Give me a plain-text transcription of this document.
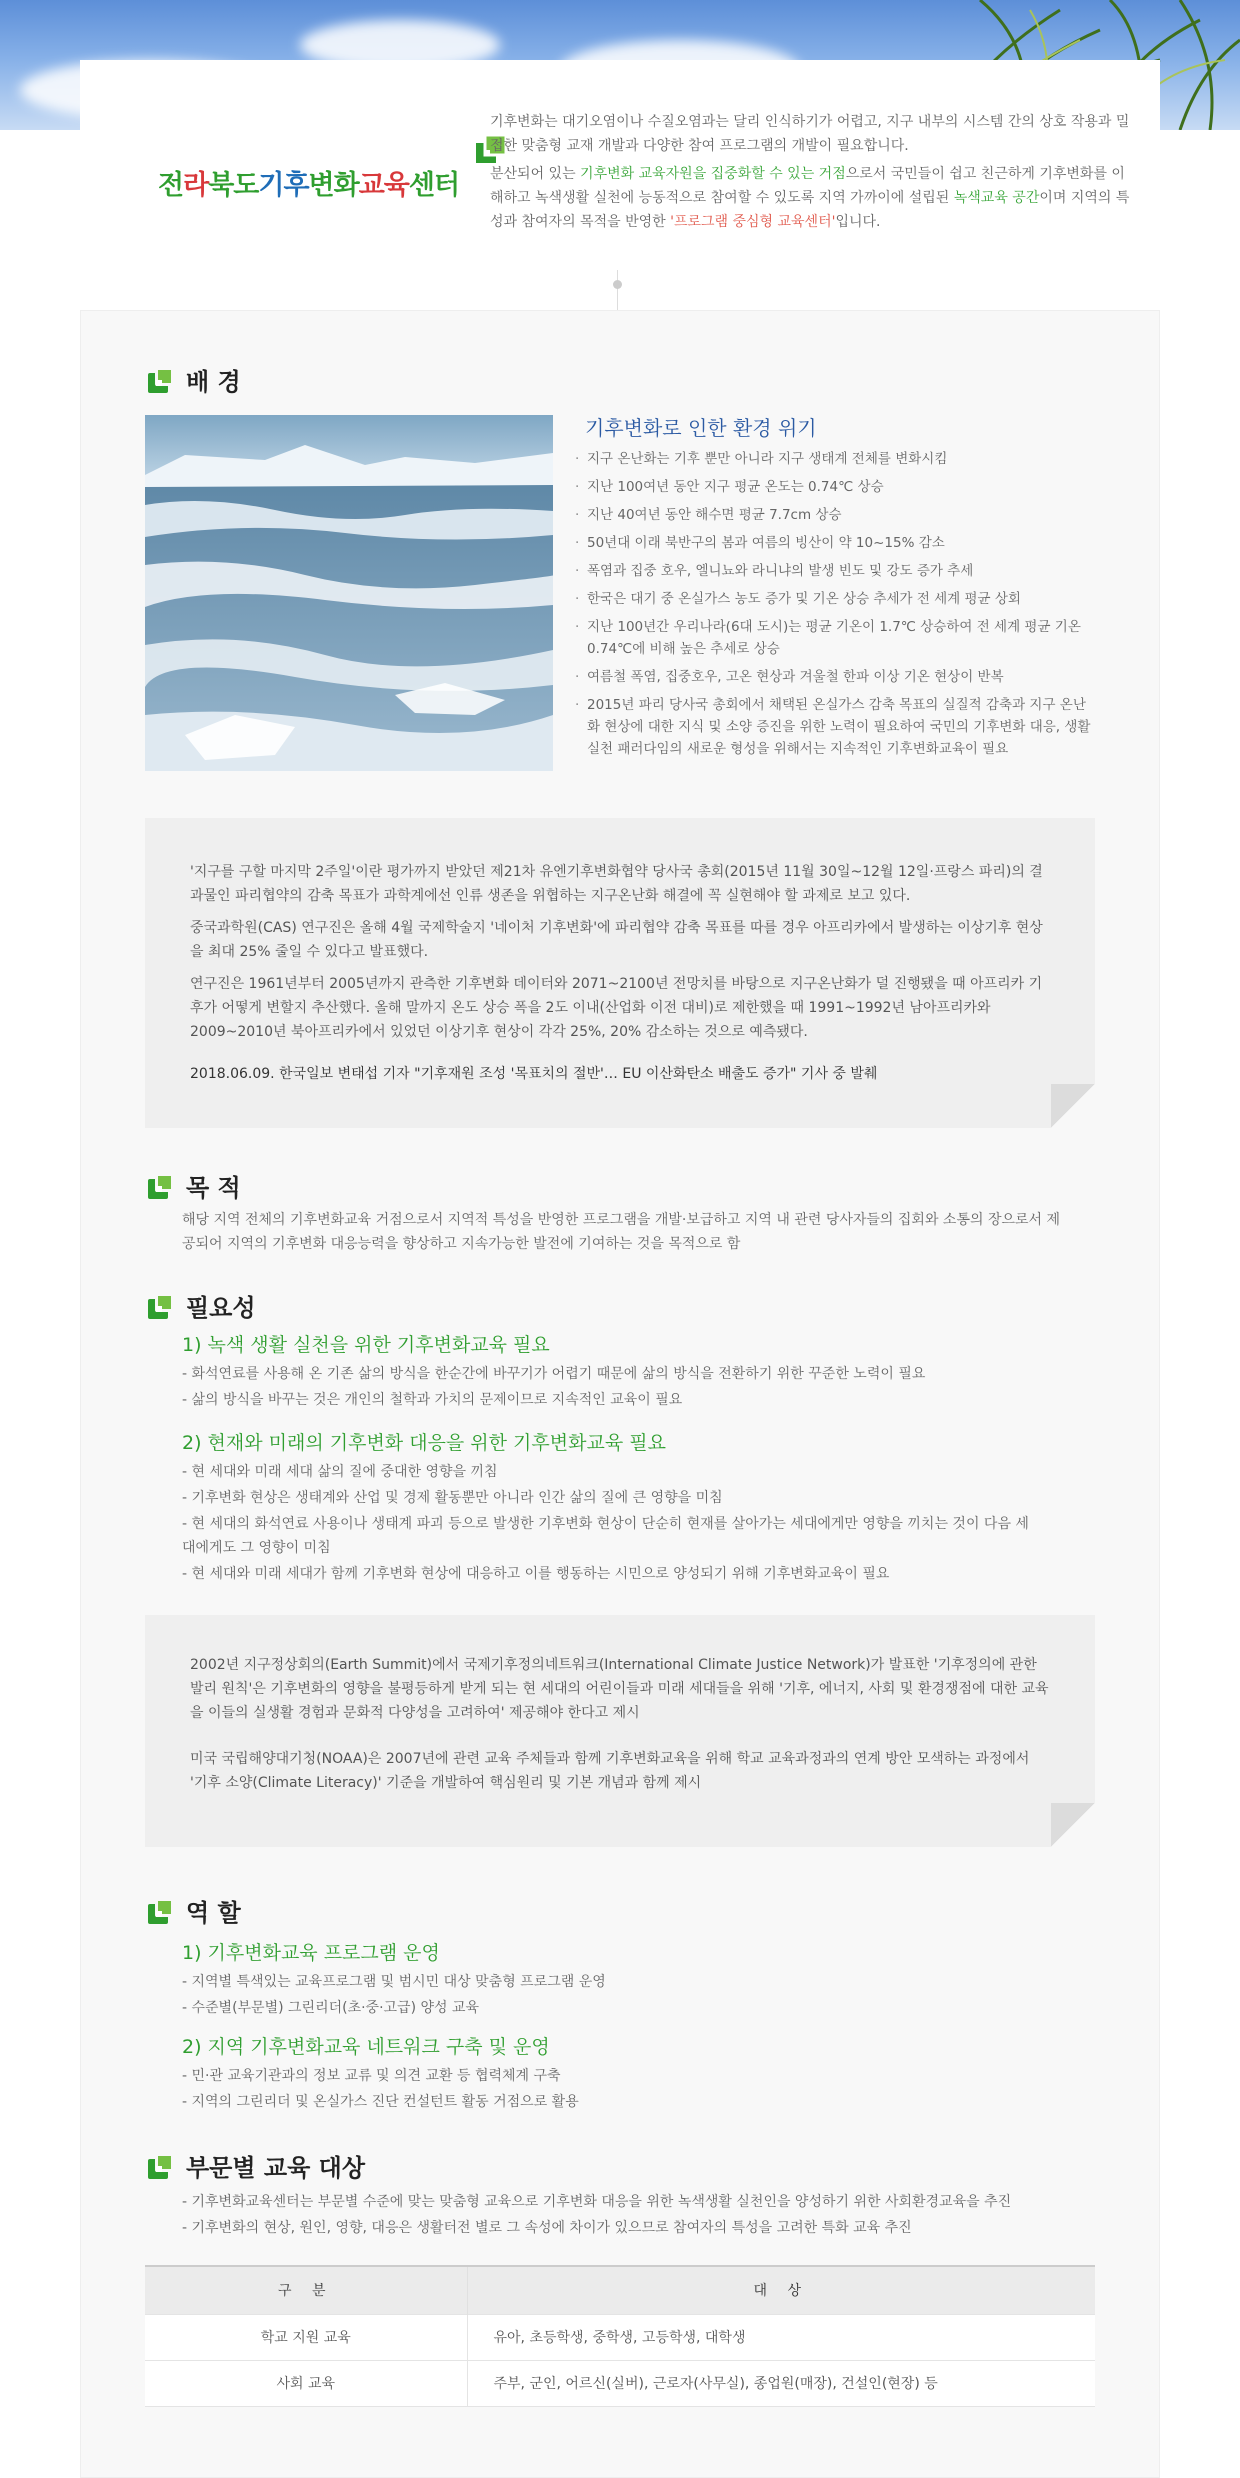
전라북도기후변화교육센터

기후변화는 대기오염이나 수질오염과는 달리 인식하기가 어렵고, 지구 내부의 시스템 간의 상호 작용과 밀접한 맞춤형 교재 개발과 다양한 참여 프로그램의 개발이 필요합니다.

분산되어 있는 기후변화 교육자원을 집중화할 수 있는 거점으로서 국민들이 쉽고 친근하게 기후변화를 이해하고 녹색생활 실천에 능동적으로 참여할 수 있도록 지역 가까이에 설립된 녹색교육 공간이며 지역의 특성과 참여자의 목적을 반영한 '프로그램 중심형 교육센터'입니다.

배 경
기후변화로 인한 환경 위기
· 지구 온난화는 기후 뿐만 아니라 지구 생태계 전체를 변화시킴
· 지난 100여년 동안 지구 평균 온도는 0.74℃ 상승
· 지난 40여년 동안 해수면 평균 7.7cm 상승
· 50년대 이래 북반구의 봄과 여름의 빙산이 약 10~15% 감소
· 폭염과 집중 호우, 엘니뇨와 라니냐의 발생 빈도 및 강도 증가 추세
· 한국은 대기 중 온실가스 농도 증가 및 기온 상승 추세가 전 세계 평균 상회
· 지난 100년간 우리나라(6대 도시)는 평균 기온이 1.7℃ 상승하여 전 세계 평균 기온 0.74℃에 비해 높은 추세로 상승
· 여름철 폭염, 집중호우, 고온 현상과 겨울철 한파 이상 기온 현상이 반복
· 2015년 파리 당사국 총회에서 채택된 온실가스 감축 목표의 실질적 감축과 지구 온난화 현상에 대한 지식 및 소양 증진을 위한 노력이 필요하여 국민의 기후변화 대응, 생활 실천 패러다임의 새로운 형성을 위해서는 지속적인 기후변화교육이 필요

'지구를 구할 마지막 2주일'이란 평가까지 받았던 제21차 유엔기후변화협약 당사국 총회(2015년 11월 30일~12월 12일·프랑스 파리)의 결과물인 파리협약의 감축 목표가 과학계에선 인류 생존을 위협하는 지구온난화 해결에 꼭 실현해야 할 과제로 보고 있다.

중국과학원(CAS) 연구진은 올해 4월 국제학술지 '네이처 기후변화'에 파리협약 감축 목표를 따를 경우 아프리카에서 발생하는 이상기후 현상을 최대 25% 줄일 수 있다고 발표했다.

연구진은 1961년부터 2005년까지 관측한 기후변화 데이터와 2071~2100년 전망치를 바탕으로 지구온난화가 덜 진행됐을 때 아프리카 기후가 어떻게 변할지 추산했다. 올해 말까지 온도 상승 폭을 2도 이내(산업화 이전 대비)로 제한했을 때 1991~1992년 남아프리카와 2009~2010년 북아프리카에서 있었던 이상기후 현상이 각각 25%, 20% 감소하는 것으로 예측됐다.

2018.06.09. 한국일보 변태섭 기자 "기후재원 조성 '목표치의 절반'… EU 이산화탄소 배출도 증가" 기사 중 발췌

목 적
해당 지역 전체의 기후변화교육 거점으로서 지역적 특성을 반영한 프로그램을 개발·보급하고 지역 내 관련 당사자들의 집회와 소통의 장으로서 제공되어 지역의 기후변화 대응능력을 향상하고 지속가능한 발전에 기여하는 것을 목적으로 함
필요성
1) 녹색 생활 실천을 위한 기후변화교육 필요
- 화석연료를 사용해 온 기존 삶의 방식을 한순간에 바꾸기가 어렵기 때문에 삶의 방식을 전환하기 위한 꾸준한 노력이 필요
- 삶의 방식을 바꾸는 것은 개인의 철학과 가치의 문제이므로 지속적인 교육이 필요
2) 현재와 미래의 기후변화 대응을 위한 기후변화교육 필요
- 현 세대와 미래 세대 삶의 질에 중대한 영향을 끼침
- 기후변화 현상은 생태계와 산업 및 경제 활동뿐만 아니라 인간 삶의 질에 큰 영향을 미침
- 현 세대의 화석연료 사용이나 생태계 파괴 등으로 발생한 기후변화 현상이 단순히 현재를 살아가는 세대에게만 영향을 끼치는 것이 다음 세대에게도 그 영향이 미침
- 현 세대와 미래 세대가 함께 기후변화 현상에 대응하고 이를 행동하는 시민으로 양성되기 위해 기후변화교육이 필요

2002년 지구정상회의(Earth Summit)에서 국제기후정의네트워크(International Climate Justice Network)가 발표한 '기후정의에 관한 발리 원칙'은 기후변화의 영향을 불평등하게 받게 되는 현 세대의 어린이들과 미래 세대들을 위해 '기후, 에너지, 사회 및 환경쟁점에 대한 교육을 이들의 실생활 경험과 문화적 다양성을 고려하여' 제공해야 한다고 제시

미국 국립해양대기청(NOAA)은 2007년에 관련 교육 주체들과 함께 기후변화교육을 위해 학교 교육과정과의 연계 방안 모색하는 과정에서 '기후 소양(Climate Literacy)' 기준을 개발하여 핵심원리 및 기본 개념과 함께 제시

역 할
1) 기후변화교육 프로그램 운영
- 지역별 특색있는 교육프로그램 및 범시민 대상 맞춤형 프로그램 운영
- 수준별(부문별) 그린리더(초·중·고급) 양성 교육
2) 지역 기후변화교육 네트워크 구축 및 운영
- 민·관 교육기관과의 정보 교류 및 의견 교환 등 협력체계 구축
- 지역의 그린리더 및 온실가스 진단 컨설턴트 활동 거점으로 활용
부문별 교육 대상
- 기후변화교육센터는 부문별 수준에 맞는 맞춤형 교육으로 기후변화 대응을 위한 녹색생활 실천인을 양성하기 위한 사회환경교육을 추진
- 기후변화의 현상, 원인, 영향, 대응은 생활터전 별로 그 속성에 차이가 있으므로 참여자의 특성을 고려한 특화 교육 추진
구 분	대 상
학교 지원 교육	유아, 초등학생, 중학생, 고등학생, 대학생
사회 교육	주부, 군인, 어르신(실버), 근로자(사무실), 종업원(매장), 건설인(현장) 등
